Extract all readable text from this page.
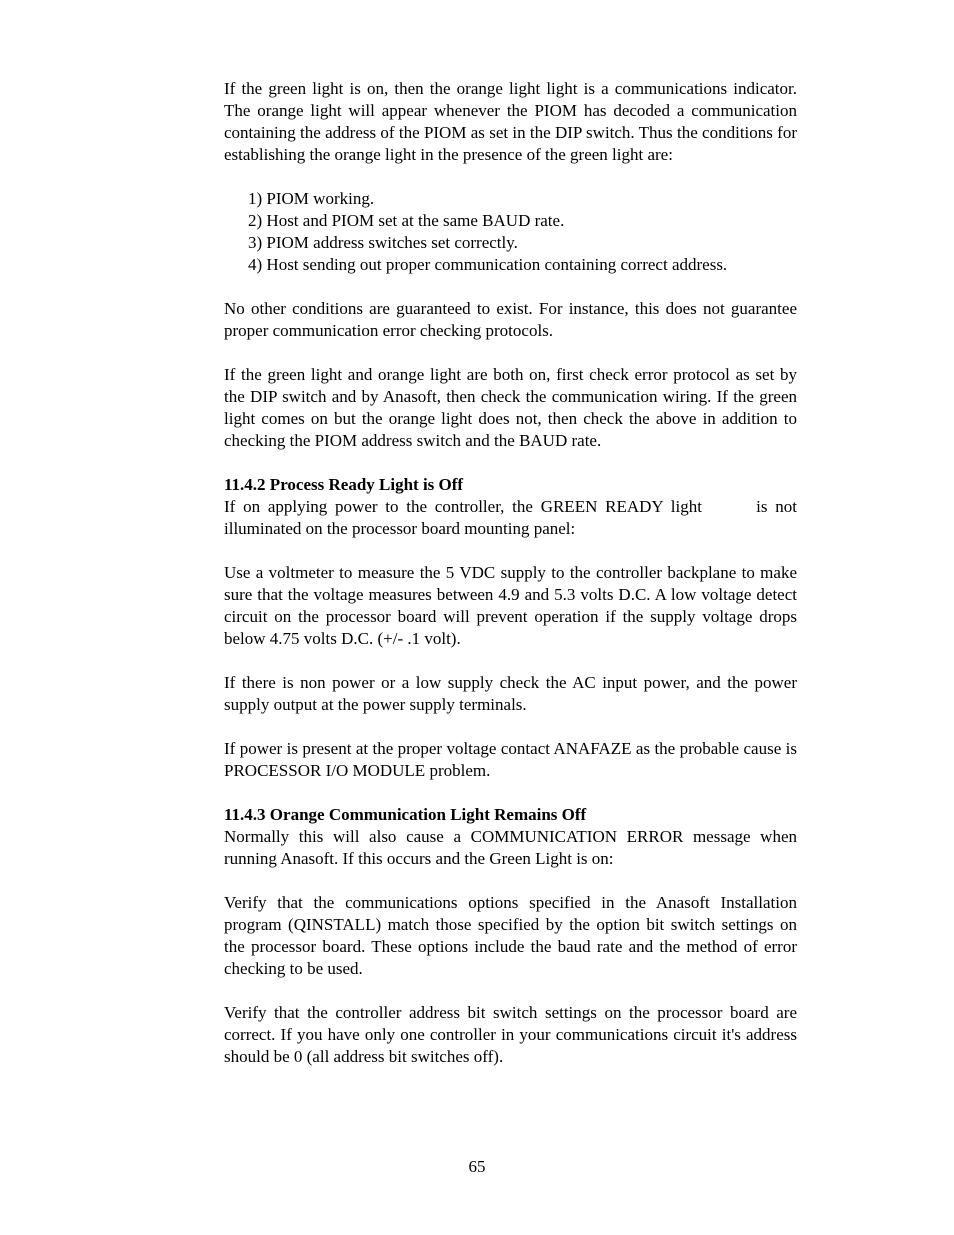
If the green light is on, then the orange light light is a communications indicator. The orange light will appear whenever the PIOM has decoded a communication containing the address of the PIOM as set in the DIP switch. Thus the conditions for establishing the orange light in the presence of the green light are:

1) PIOM working.
2) Host and PIOM set at the same BAUD rate.
3) PIOM address switches set correctly.
4) Host sending out proper communication containing correct address.

No other conditions are guaranteed to exist. For instance, this does not guarantee proper communication error checking protocols.

If the green light and orange light are both on, first check error protocol as set by the DIP switch and by Anasoft, then check the communication wiring. If the green light comes on but the orange light does not, then check the above in addition to checking the PIOM address switch and the BAUD rate.

11.4.2 Process Ready Light is Off

If on applying power to the controller, the GREEN READY light       is not illuminated on the processor board mounting panel:

Use a voltmeter to measure the 5 VDC supply to the controller backplane to make sure that the voltage measures between 4.9 and 5.3 volts D.C. A low voltage detect circuit on the processor board will prevent operation if the supply voltage drops below 4.75 volts D.C. (+/- .1 volt).

If there is non power or a low supply check the AC input power, and the power supply output at the power supply terminals.

If power is present at the proper voltage contact ANAFAZE as the probable cause is PROCESSOR I/O MODULE problem.

11.4.3 Orange Communication Light Remains Off

Normally this will also cause a COMMUNICATION ERROR message when running Anasoft. If this occurs and the Green Light is on:

Verify that the communications options specified in the Anasoft Installation program (QINSTALL) match those specified by the option bit switch settings on the processor board. These options include the baud rate and the method of error checking to be used.

Verify that the controller address bit switch settings on the processor board are correct. If you have only one controller in your communications circuit it's address should be 0 (all address bit switches off).

65
